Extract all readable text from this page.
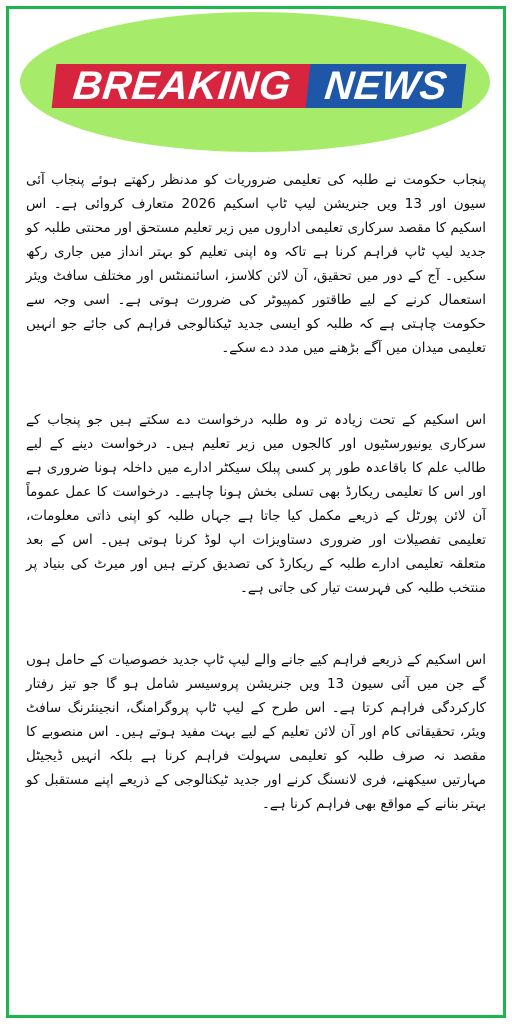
BREAKING NEWS

پنجاب حکومت نے طلبہ کی تعلیمی ضروریات کو مدنظر رکھتے ہوئے پنجاب آئی سیون اور 13 ویں جنریشن لیپ ٹاپ اسکیم 2026 متعارف کروائی ہے۔ اس اسکیم کا مقصد سرکاری تعلیمی اداروں میں زیر تعلیم مستحق اور محنتی طلبہ کو جدید لیپ ٹاپ فراہم کرنا ہے تاکہ وہ اپنی تعلیم کو بہتر انداز میں جاری رکھ سکیں۔ آج کے دور میں تحقیق، آن لائن کلاسز، اسائنمنٹس اور مختلف سافٹ ویئر استعمال کرنے کے لیے طاقتور کمپیوٹر کی ضرورت ہوتی ہے۔ اسی وجہ سے حکومت چاہتی ہے کہ طلبہ کو ایسی جدید ٹیکنالوجی فراہم کی جائے جو انہیں تعلیمی میدان میں آگے بڑھنے میں مدد دے سکے۔

اس اسکیم کے تحت زیادہ تر وہ طلبہ درخواست دے سکتے ہیں جو پنجاب کے سرکاری یونیورسٹیوں اور کالجوں میں زیر تعلیم ہیں۔ درخواست دینے کے لیے طالب علم کا باقاعدہ طور پر کسی پبلک سیکٹر ادارے میں داخلہ ہونا ضروری ہے اور اس کا تعلیمی ریکارڈ بھی تسلی بخش ہونا چاہیے۔ درخواست کا عمل عموماً آن لائن پورٹل کے ذریعے مکمل کیا جاتا ہے جہاں طلبہ کو اپنی ذاتی معلومات، تعلیمی تفصیلات اور ضروری دستاویزات اپ لوڈ کرنا ہوتی ہیں۔ اس کے بعد متعلقہ تعلیمی ادارے طلبہ کے ریکارڈ کی تصدیق کرتے ہیں اور میرٹ کی بنیاد پر منتخب طلبہ کی فہرست تیار کی جاتی ہے۔

اس اسکیم کے ذریعے فراہم کیے جانے والے لیپ ٹاپ جدید خصوصیات کے حامل ہوں گے جن میں آئی سیون 13 ویں جنریشن پروسیسر شامل ہو گا جو تیز رفتار کارکردگی فراہم کرتا ہے۔ اس طرح کے لیپ ٹاپ پروگرامنگ، انجینئرنگ سافٹ ویئر، تحقیقاتی کام اور آن لائن تعلیم کے لیے بہت مفید ہوتے ہیں۔ اس منصوبے کا مقصد نہ صرف طلبہ کو تعلیمی سہولت فراہم کرنا ہے بلکہ انہیں ڈیجیٹل مہارتیں سیکھنے، فری لانسنگ کرنے اور جدید ٹیکنالوجی کے ذریعے اپنے مستقبل کو بہتر بنانے کے مواقع بھی فراہم کرنا ہے۔
